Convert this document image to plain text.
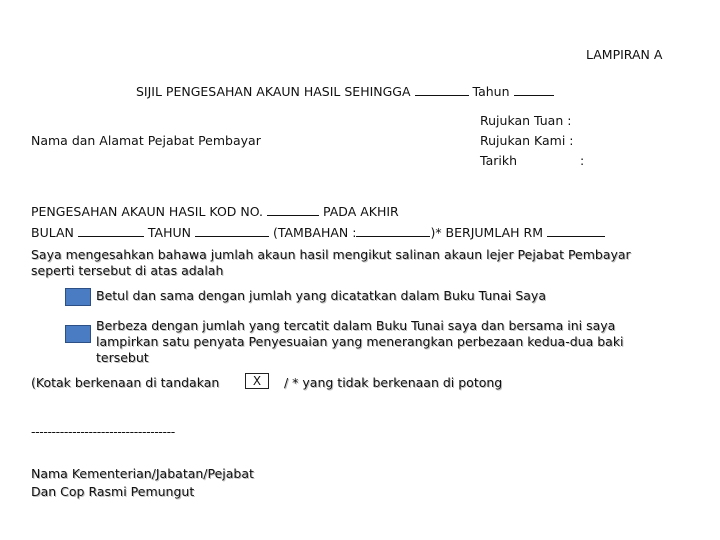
LAMPIRAN A
SIJIL PENGESAHAN AKAUN HASIL SEHINGGA	Tahun
Rujukan Tuan :
Rujukan Kami :
Tarikh	:
Nama dan Alamat Pejabat Pembayar
PENGESAHAN AKAUN HASIL KOD NO.	PADA AKHIR
BULAN	TAHUN	(TAMBAHAN :	)* BERJUMLAH RM
Saya mengesahkan bahawa jumlah akaun hasil mengikut salinan akaun lejer Pejabat Pembayar
seperti tersebut di atas adalah
Betul dan sama dengan jumlah yang dicatatkan dalam Buku Tunai Saya
Berbeza dengan jumlah yang tercatit dalam Buku Tunai saya dan bersama ini saya
lampirkan satu penyata Penyesuaian yang menerangkan perbezaan kedua-dua baki
tersebut
(Kotak berkenaan di tandakan	X	/ * yang tidak berkenaan di potong
-----------------------------------
Nama Kementerian/Jabatan/Pejabat
Dan Cop Rasmi Pemungut
